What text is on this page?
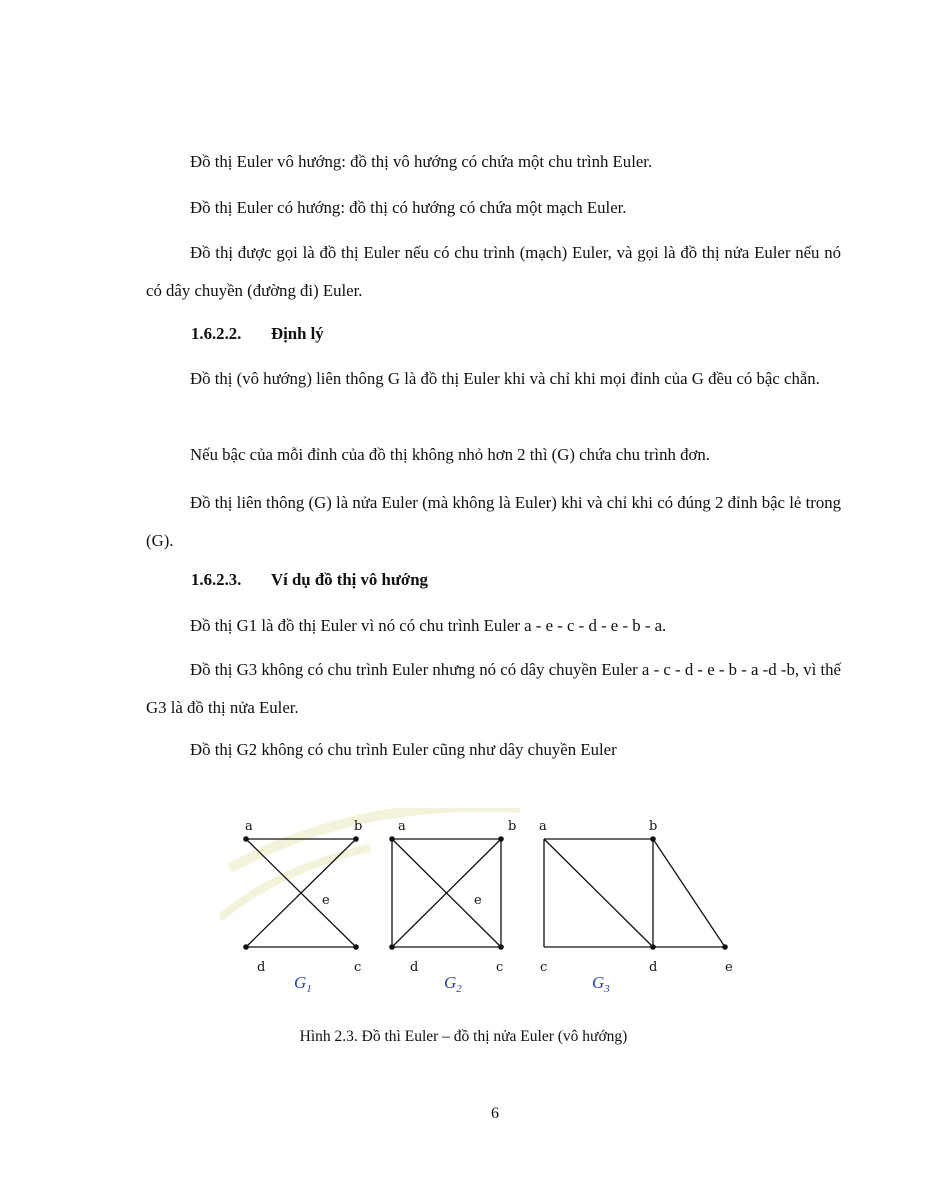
Đồ thị Euler vô hướng: đồ thị vô hướng có chứa một chu trình Euler.

Đồ thị Euler có hướng: đồ thị có hướng có chứa một mạch Euler.

Đồ thị được gọi là đồ thị Euler nếu có chu trình (mạch) Euler, và gọi là đồ thị nửa Euler nếu nó có dây chuyền (đường đi) Euler.

1.6.2.2. Định lý

Đồ thị (vô hướng) liên thông G là đồ thị Euler khi và chỉ khi mọi đỉnh của G đều có bậc chẵn.

Nếu bậc của mỗi đỉnh của đồ thị không nhỏ hơn 2 thì (G) chứa chu trình đơn.

Đồ thị liên thông (G) là nửa Euler (mà không là Euler) khi và chỉ khi có đúng 2 đỉnh bậc lẻ trong (G).

1.6.2.3. Ví dụ đồ thị vô hướng

Đồ thị G1 là đồ thị Euler vì nó có chu trình Euler a - e - c - d - e - b - a.

Đồ thị G3 không có chu trình Euler nhưng nó có dây chuyền Euler a - c - d - e - b - a -d -b, vì thế G3 là đồ thị nửa Euler.

Đồ thị G2 không có chu trình Euler cũng như dây chuyền Euler

a	b
e
d	c
$G_1$
a	b
e
d	c
$G_2$
a	b
c	d	e
$G_3$

Hình 2.3. Đồ thì Euler – đồ thị nửa Euler (vô hướng)

6
